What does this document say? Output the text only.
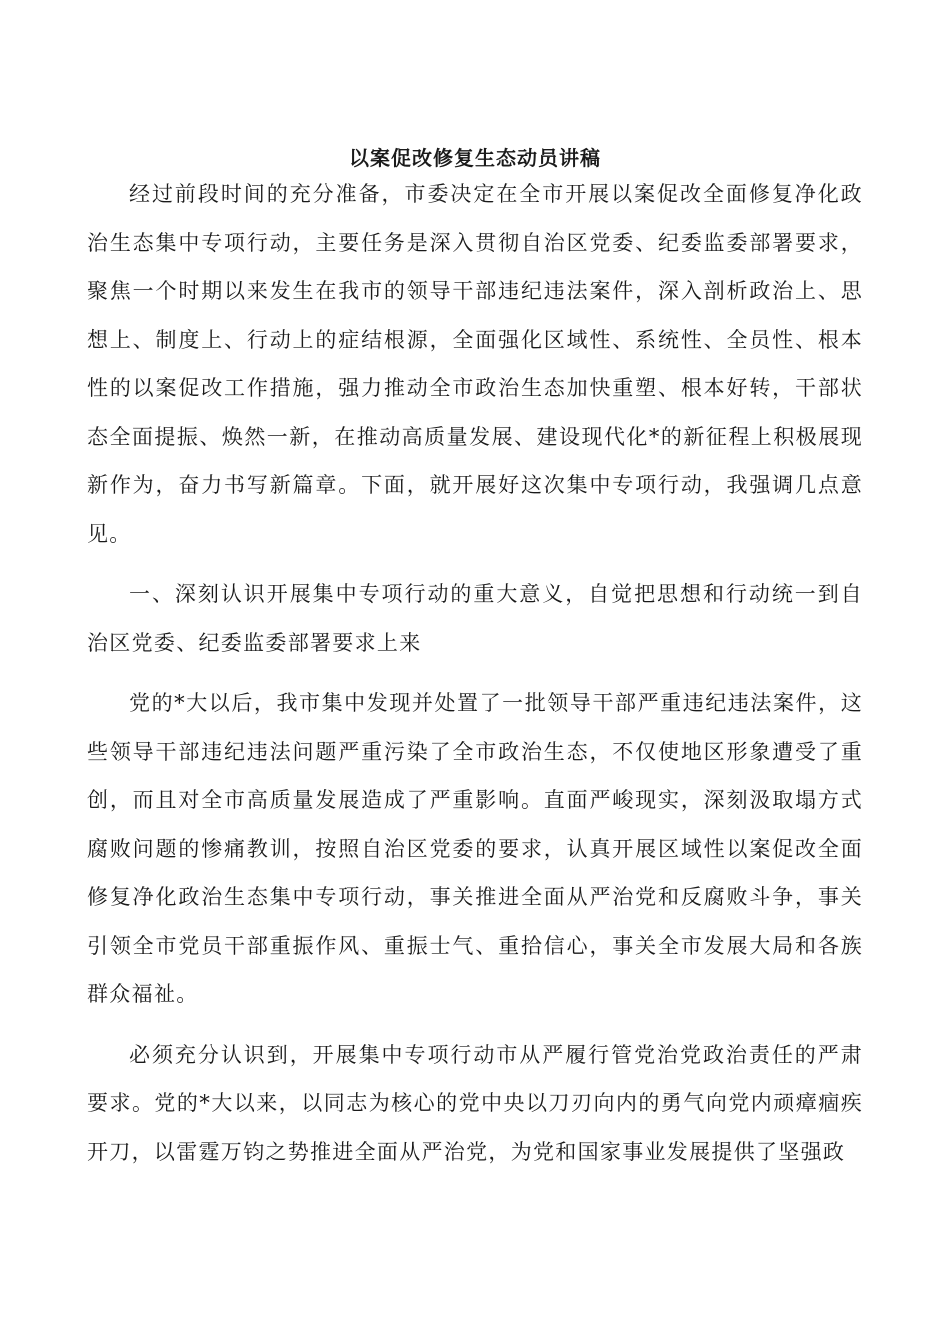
以案促改修复生态动员讲稿

经过前段时间的充分准备，市委决定在全市开展以案促改全面修复净化政治生态集中专项行动，主要任务是深入贯彻自治区党委、纪委监委部署要求，聚焦一个时期以来发生在我市的领导干部违纪违法案件，深入剖析政治上、思想上、制度上、行动上的症结根源，全面强化区域性、系统性、全员性、根本性的以案促改工作措施，强力推动全市政治生态加快重塑、根本好转，干部状态全面提振、焕然一新，在推动高质量发展、建设现代化*的新征程上积极展现新作为，奋力书写新篇章。下面，就开展好这次集中专项行动，我强调几点意见。

一、深刻认识开展集中专项行动的重大意义，自觉把思想和行动统一到自治区党委、纪委监委部署要求上来

党的*大以后，我市集中发现并处置了一批领导干部严重违纪违法案件，这些领导干部违纪违法问题严重污染了全市政治生态，不仅使地区形象遭受了重创，而且对全市高质量发展造成了严重影响。直面严峻现实，深刻汲取塌方式腐败问题的惨痛教训，按照自治区党委的要求，认真开展区域性以案促改全面修复净化政治生态集中专项行动，事关推进全面从严治党和反腐败斗争，事关引领全市党员干部重振作风、重振士气、重拾信心，事关全市发展大局和各族群众福祉。

必须充分认识到，开展集中专项行动市从严履行管党治党政治责任的严肃要求。党的*大以来，以同志为核心的党中央以刀刃向内的勇气向党内顽瘴痼疾开刀，以雷霆万钧之势推进全面从严治党，为党和国家事业发展提供了坚强政
